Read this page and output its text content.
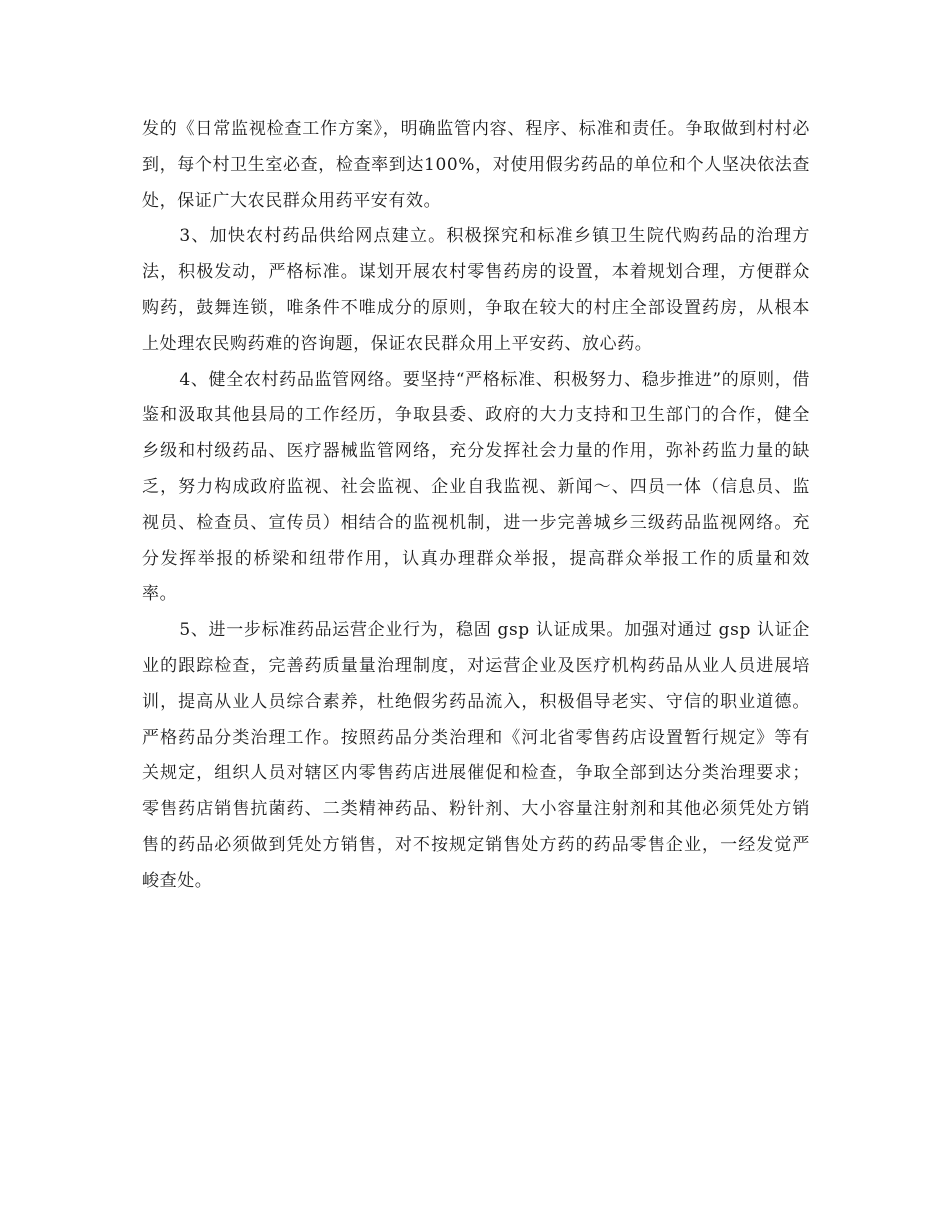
发的《日常监视检查工作方案》，明确监管内容、程序、标准和责任。争取做到村村必到，每个村卫生室必查，检查率到达100%，对使用假劣药品的单位和个人坚决依法查处，保证广大农民群众用药平安有效。

3、加快农村药品供给网点建立。积极探究和标准乡镇卫生院代购药品的治理方法，积极发动，严格标准。谋划开展农村零售药房的设置，本着规划合理，方便群众购药，鼓舞连锁，唯条件不唯成分的原则，争取在较大的村庄全部设置药房，从根本上处理农民购药难的咨询题，保证农民群众用上平安药、放心药。

4、健全农村药品监管网络。要坚持“严格标准、积极努力、稳步推进”的原则，借鉴和汲取其他县局的工作经历，争取县委、政府的大力支持和卫生部门的合作，健全乡级和村级药品、医疗器械监管网络，充分发挥社会力量的作用，弥补药监力量的缺乏，努力构成政府监视、社会监视、企业自我监视、新闻～、四员一体（信息员、监视员、检查员、宣传员）相结合的监视机制，进一步完善城乡三级药品监视网络。充分发挥举报的桥梁和纽带作用，认真办理群众举报，提高群众举报工作的质量和效率。

5、进一步标准药品运营企业行为，稳固 gsp 认证成果。加强对通过 gsp 认证企业的跟踪检查，完善药质量量治理制度，对运营企业及医疗机构药品从业人员进展培训，提高从业人员综合素养，杜绝假劣药品流入，积极倡导老实、守信的职业道德。严格药品分类治理工作。按照药品分类治理和《河北省零售药店设置暂行规定》等有关规定，组织人员对辖区内零售药店进展催促和检查，争取全部到达分类治理要求；零售药店销售抗菌药、二类精神药品、粉针剂、大小容量注射剂和其他必须凭处方销售的药品必须做到凭处方销售，对不按规定销售处方药的药品零售企业，一经发觉严峻查处。
